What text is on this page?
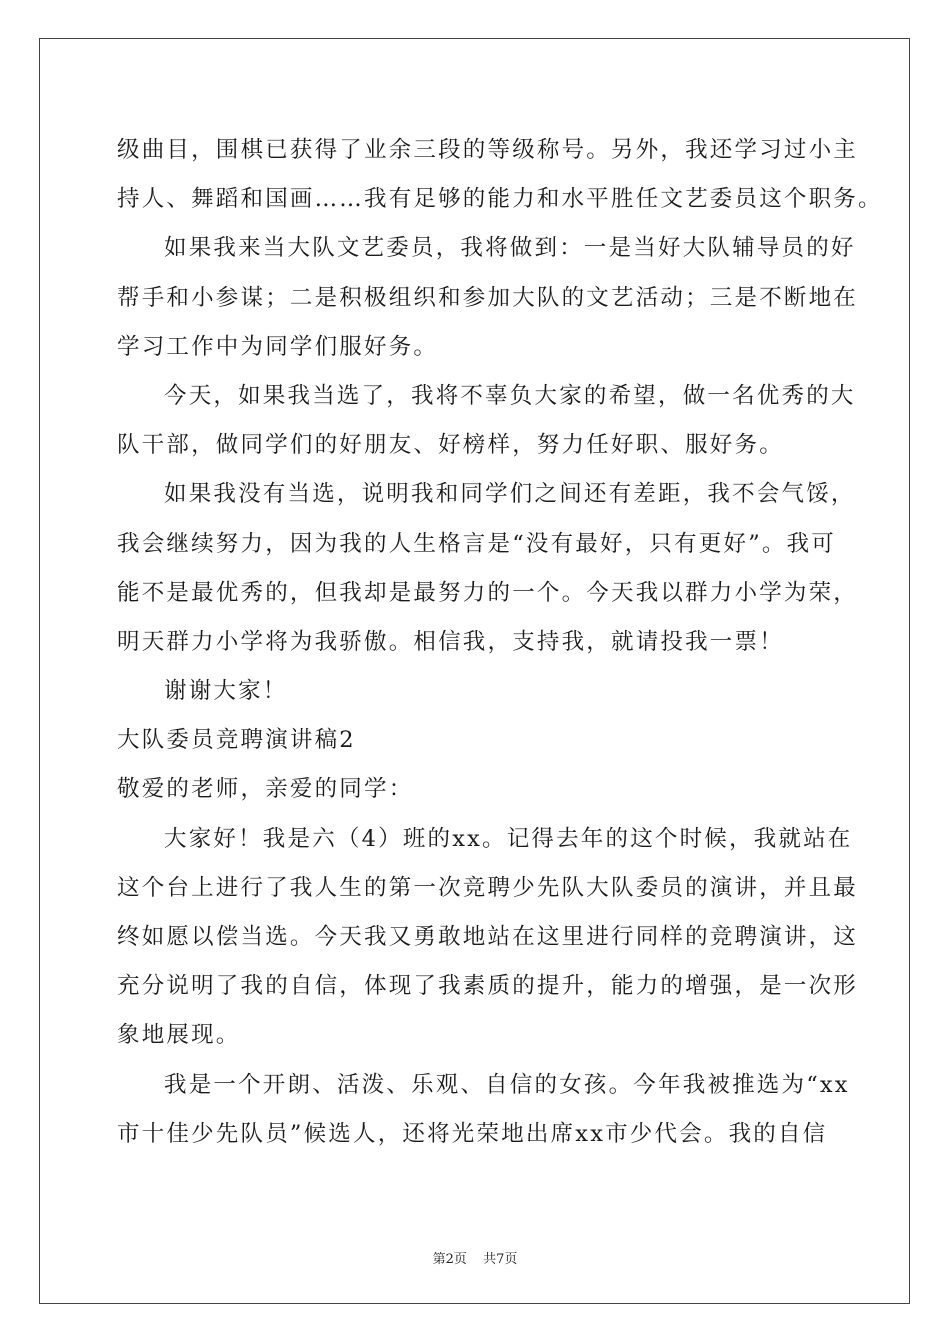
级曲目，围棋已获得了业余三段的等级称号。另外，我还学习过小主
持人、舞蹈和国画……我有足够的能力和水平胜任文艺委员这个职务。
如果我来当大队文艺委员，我将做到：一是当好大队辅导员的好
帮手和小参谋；二是积极组织和参加大队的文艺活动；三是不断地在
学习工作中为同学们服好务。
今天，如果我当选了，我将不辜负大家的希望，做一名优秀的大
队干部，做同学们的好朋友、好榜样，努力任好职、服好务。
如果我没有当选，说明我和同学们之间还有差距，我不会气馁，
我会继续努力，因为我的人生格言是“没有最好，只有更好”。我可
能不是最优秀的，但我却是最努力的一个。今天我以群力小学为荣，
明天群力小学将为我骄傲。相信我，支持我，就请投我一票！
谢谢大家！
大队委员竞聘演讲稿2
敬爱的老师，亲爱的同学：
大家好！我是六（4）班的xx。记得去年的这个时候，我就站在
这个台上进行了我人生的第一次竞聘少先队大队委员的演讲，并且最
终如愿以偿当选。今天我又勇敢地站在这里进行同样的竞聘演讲，这
充分说明了我的自信，体现了我素质的提升，能力的增强，是一次形
象地展现。
我是一个开朗、活泼、乐观、自信的女孩。今年我被推选为“xx
市十佳少先队员”候选人，还将光荣地出席xx市少代会。我的自信
第2页 共7页
